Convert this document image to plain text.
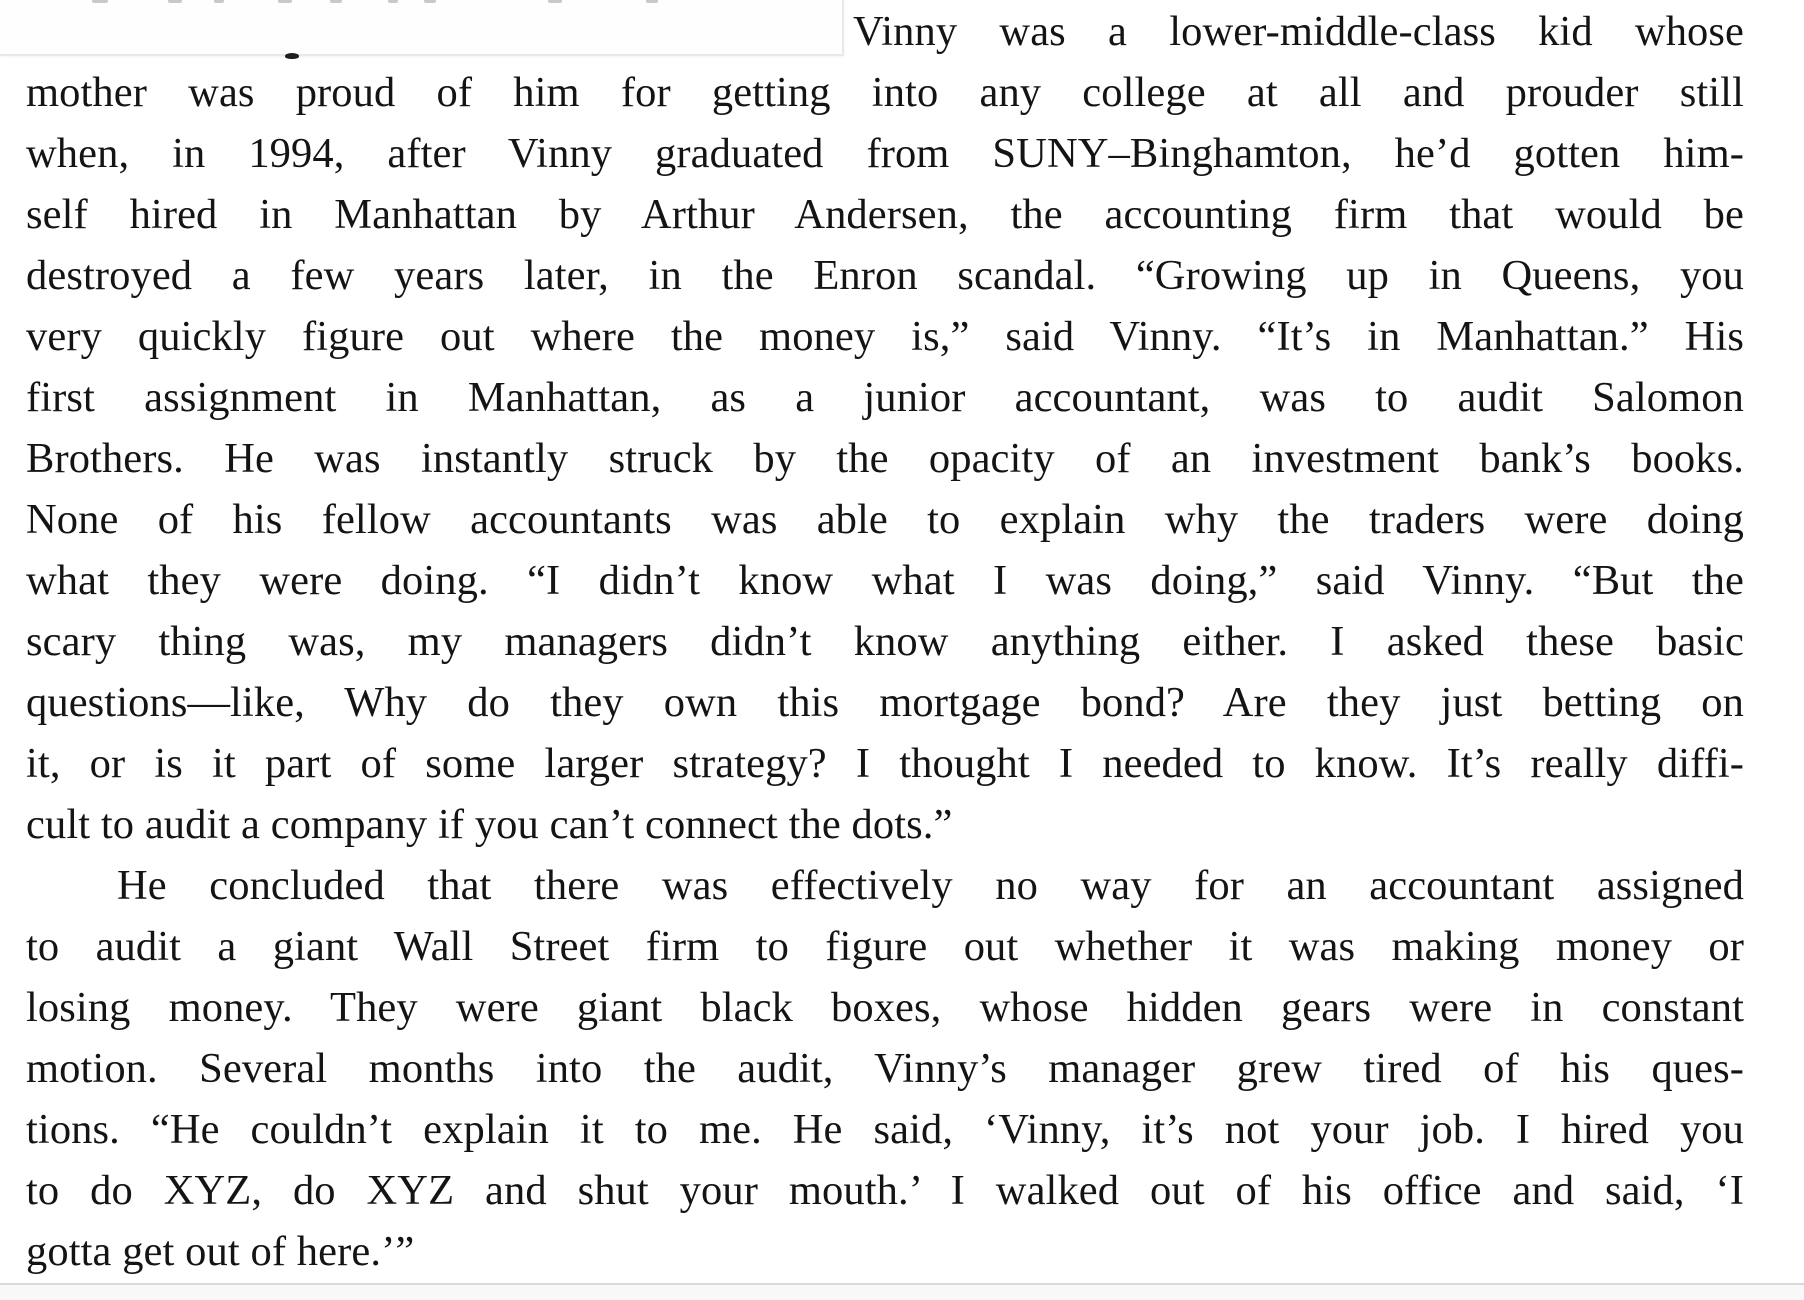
Vinny was a lower-middle-class kid whose
mother was proud of him for getting into any college at all and prouder still
when, in 1994, after Vinny graduated from SUNY–Binghamton, he’d gotten him-
self hired in Manhattan by Arthur Andersen, the accounting firm that would be
destroyed a few years later, in the Enron scandal. “Growing up in Queens, you
very quickly figure out where the money is,” said Vinny. “It’s in Manhattan.” His
first assignment in Manhattan, as a junior accountant, was to audit Salomon
Brothers. He was instantly struck by the opacity of an investment bank’s books.
None of his fellow accountants was able to explain why the traders were doing
what they were doing. “I didn’t know what I was doing,” said Vinny. “But the
scary thing was, my managers didn’t know anything either. I asked these basic
questions—like, Why do they own this mortgage bond? Are they just betting on
it, or is it part of some larger strategy? I thought I needed to know. It’s really diffi-
cult to audit a company if you can’t connect the dots.”
He concluded that there was effectively no way for an accountant assigned
to audit a giant Wall Street firm to figure out whether it was making money or
losing money. They were giant black boxes, whose hidden gears were in constant
motion. Several months into the audit, Vinny’s manager grew tired of his ques-
tions. “He couldn’t explain it to me. He said, ‘Vinny, it’s not your job. I hired you
to do XYZ, do XYZ and shut your mouth.’ I walked out of his office and said, ‘I
gotta get out of here.’”
